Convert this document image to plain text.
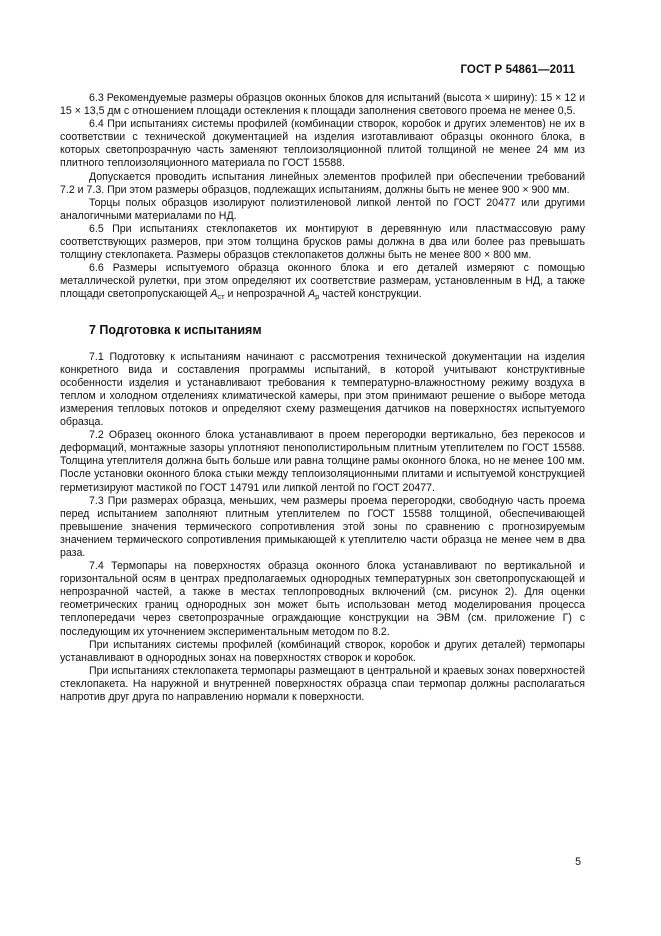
ГОСТ Р 54861—2011

6.3 Рекомендуемые размеры образцов оконных блоков для испытаний (высота × ширину): 15 × 12 и 15 × 13,5 дм с отношением площади остекления к площади заполнения светового проема не менее 0,5.

6.4 При испытаниях системы профилей (комбинации створок, коробок и других элементов) не их в соответствии с технической документацией на изделия изготавливают образцы оконного блока, в которых светопрозрачную часть заменяют теплоизоляционной плитой толщиной не менее 24 мм из плитного теплоизоляционного материала по ГОСТ 15588.

Допускается проводить испытания линейных элементов профилей при обеспечении требований 7.2 и 7.3. При этом размеры образцов, подлежащих испытаниям, должны быть не менее 900 × 900 мм.

Торцы полых образцов изолируют полиэтиленовой липкой лентой по ГОСТ 20477 или другими аналогичными материалами по НД.

6.5 При испытаниях стеклопакетов их монтируют в деревянную или пластмассовую раму соответствующих размеров, при этом толщина брусков рамы должна в два или более раз превышать толщину стеклопакета. Размеры образцов стеклопакетов должны быть не менее 800 × 800 мм.

6.6 Размеры испытуемого образца оконного блока и его деталей измеряют с помощью металлической рулетки, при этом определяют их соответствие размерам, установленным в НД, а также площади светопропускающей $A_{ст}$ и непрозрачной $A_р$ частей конструкции.

7 Подготовка к испытаниям

7.1 Подготовку к испытаниям начинают с рассмотрения технической документации на изделия конкретного вида и составления программы испытаний, в которой учитывают конструктивные особенности изделия и устанавливают требования к температурно-влажностному режиму воздуха в теплом и холодном отделениях климатической камеры, при этом принимают решение о выборе метода измерения тепловых потоков и определяют схему размещения датчиков на поверхностях испытуемого образца.

7.2 Образец оконного блока устанавливают в проем перегородки вертикально, без перекосов и деформаций, монтажные зазоры уплотняют пенополистирольным плитным утеплителем по ГОСТ 15588. Толщина утеплителя должна быть больше или равна толщине рамы оконного блока, но не менее 100 мм. После установки оконного блока стыки между теплоизоляционными плитами и испытуемой конструкцией герметизируют мастикой по ГОСТ 14791 или липкой лентой по ГОСТ 20477.

7.3 При размерах образца, меньших, чем размеры проема перегородки, свободную часть проема перед испытанием заполняют плитным утеплителем по ГОСТ 15588 толщиной, обеспечивающей превышение значения термического сопротивления этой зоны по сравнению с прогнозируемым значением термического сопротивления примыкающей к утеплителю части образца не менее чем в два раза.

7.4 Термопары на поверхностях образца оконного блока устанавливают по вертикальной и горизонтальной осям в центрах предполагаемых однородных температурных зон светопропускающей и непрозрачной частей, а также в местах теплопроводных включений (см. рисунок 2). Для оценки геометрических границ однородных зон может быть использован метод моделирования процесса теплопередачи через светопрозрачные ограждающие конструкции на ЭВМ (см. приложение Г) с последующим их уточнением экспериментальным методом по 8.2.

При испытаниях системы профилей (комбинаций створок, коробок и других деталей) термопары устанавливают в однородных зонах на поверхностях створок и коробок.

При испытаниях стеклопакета термопары размещают в центральной и краевых зонах поверхностей стеклопакета. На наружной и внутренней поверхностях образца спаи термопар должны располагаться напротив друг друга по направлению нормали к поверхности.

5
